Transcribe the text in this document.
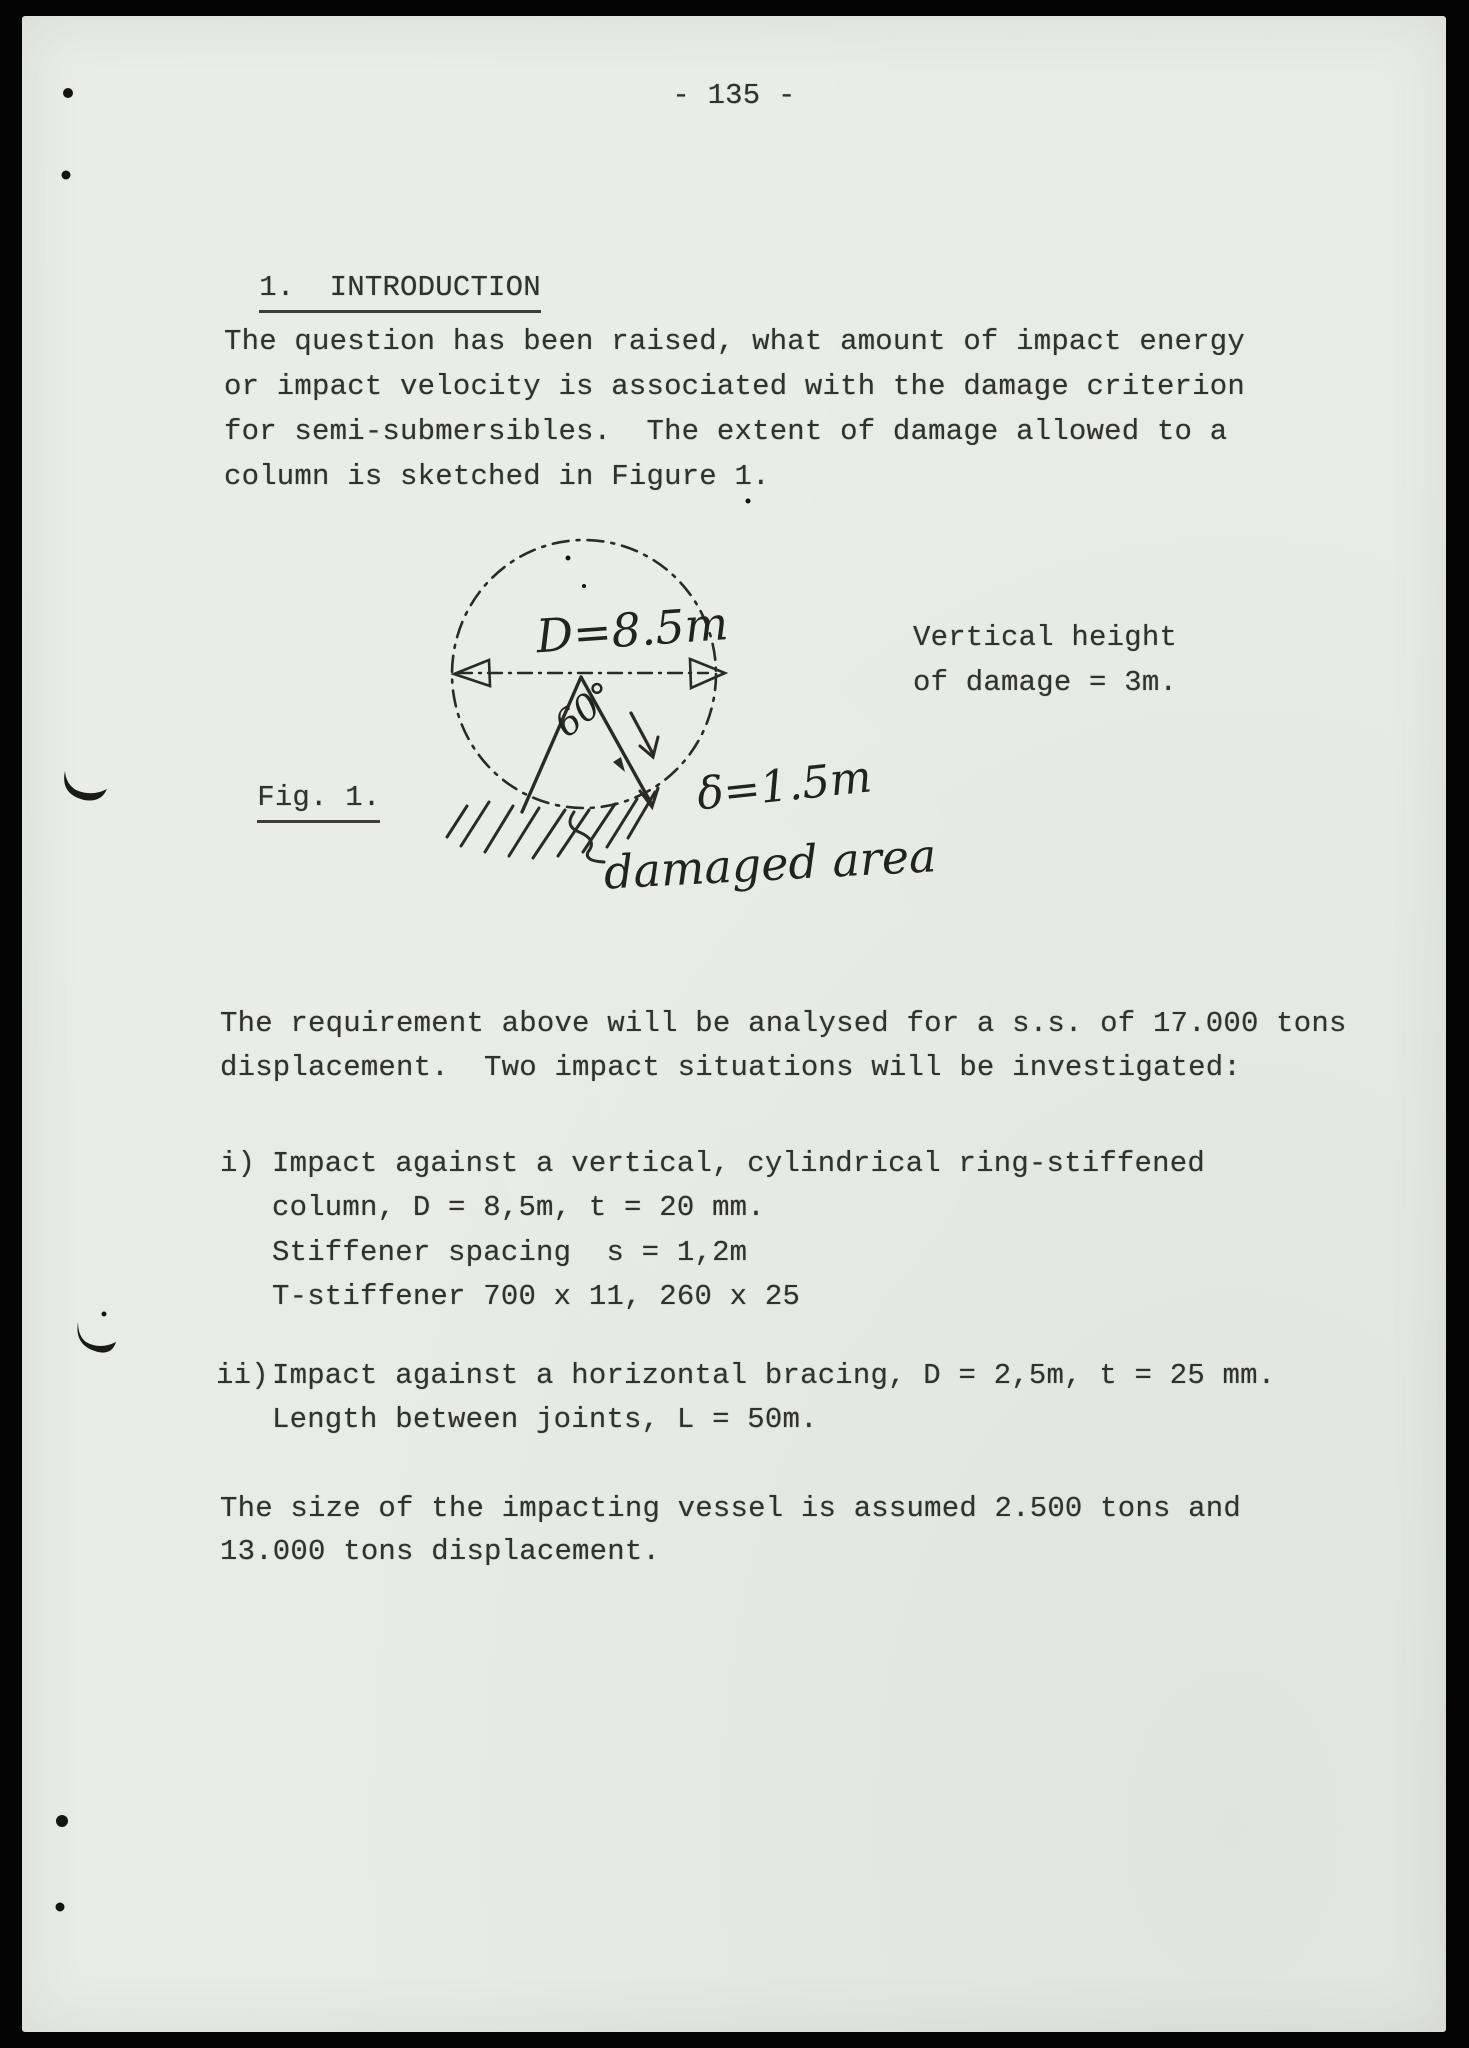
- 135 -

1.  INTRODUCTION

The question has been raised, what amount of impact energy
or impact velocity is associated with the damage criterion
for semi-submersibles.  The extent of damage allowed to a
column is sketched in Figure 1.

Fig. 1.

Vertical height
of damage = 3m.
The requirement above will be analysed for a s.s. of 17.000 tons
displacement.  Two impact situations will be investigated:
i) Impact against a vertical, cylindrical ring-stiffened
column, D = 8,5m, t = 20 mm.
Stiffener spacing  s = 1,2m
T-stiffener 700 x 11, 260 x 25
ii) Impact against a horizontal bracing, D = 2,5m, t = 25 mm.
Length between joints, L = 50m.
The size of the impacting vessel is assumed 2.500 tons and
13.000 tons displacement.
D=8.5m
60°
δ=1.5m
damaged area
